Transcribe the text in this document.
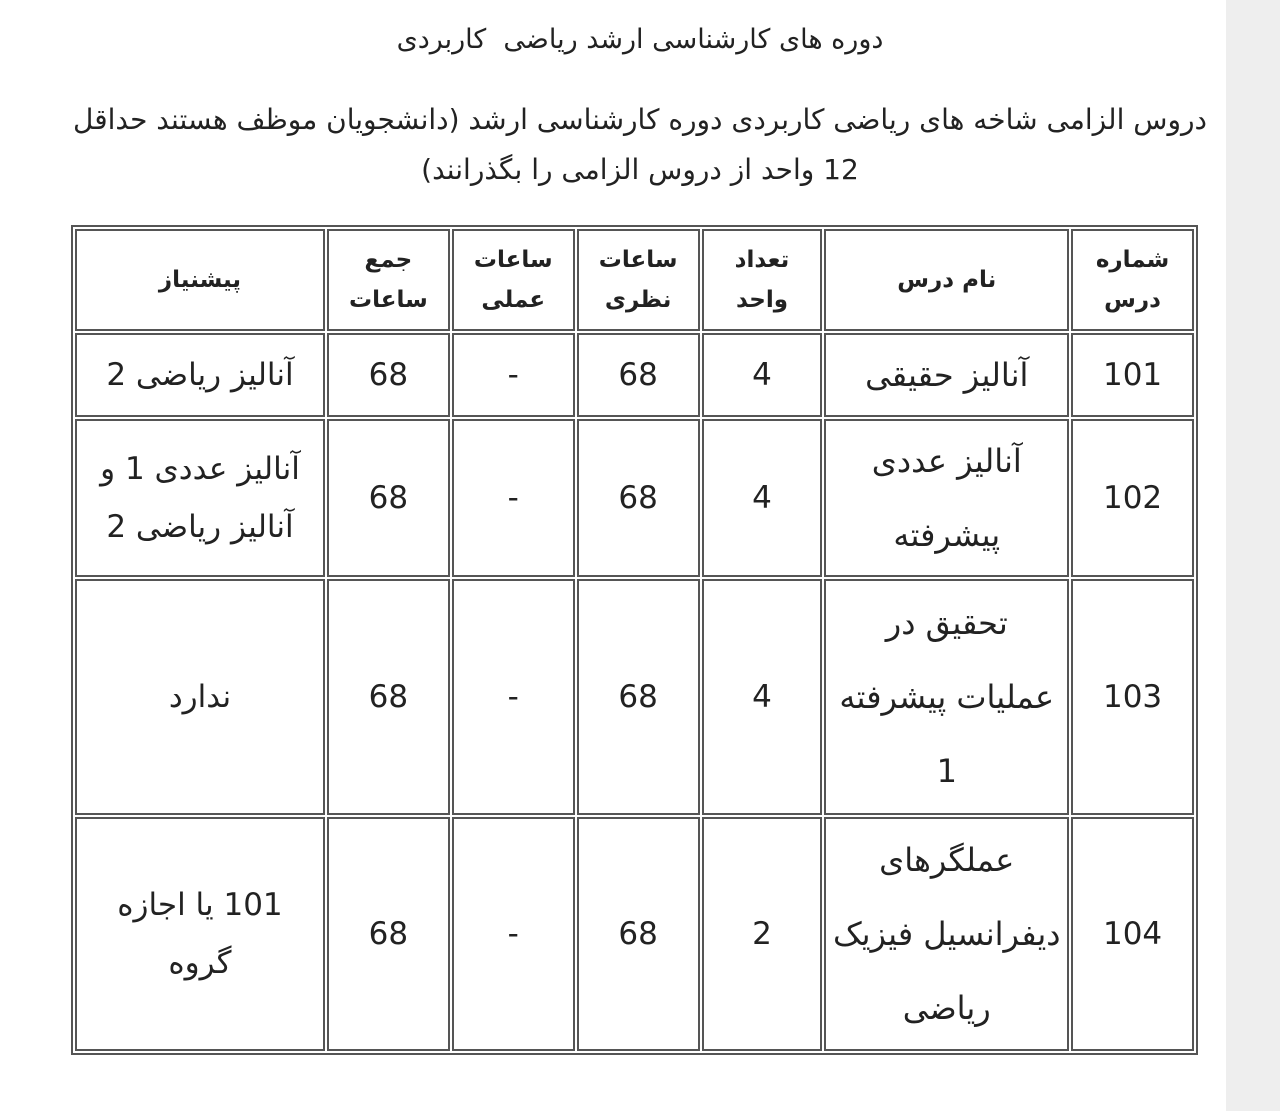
دوره های کارشناسی ارشد ریاضی  کاربردی
دروس الزامی شاخه های ریاضی کاربردی دوره کارشناسی ارشد (دانشجویان موظف هستند حداقل 12 واحد از دروس الزامی را بگذرانند)
شماره درس	نام درس	تعداد واحد	ساعات نظری	ساعات عملی	جمع ساعات	پیشنیاز
101	آنالیز حقیقی	4	68	-	68	آنالیز ریاضی 2
102	آنالیز عددی پیشرفته	4	68	-	68	آنالیز عددی 1 و آنالیز ریاضی 2
103	تحقیق در عملیات پیشرفته 1	4	68	-	68	ندارد
104	عملگرهای دیفرانسیل فیزیک ریاضی	2	68	-	68	101 یا اجازه گروه
